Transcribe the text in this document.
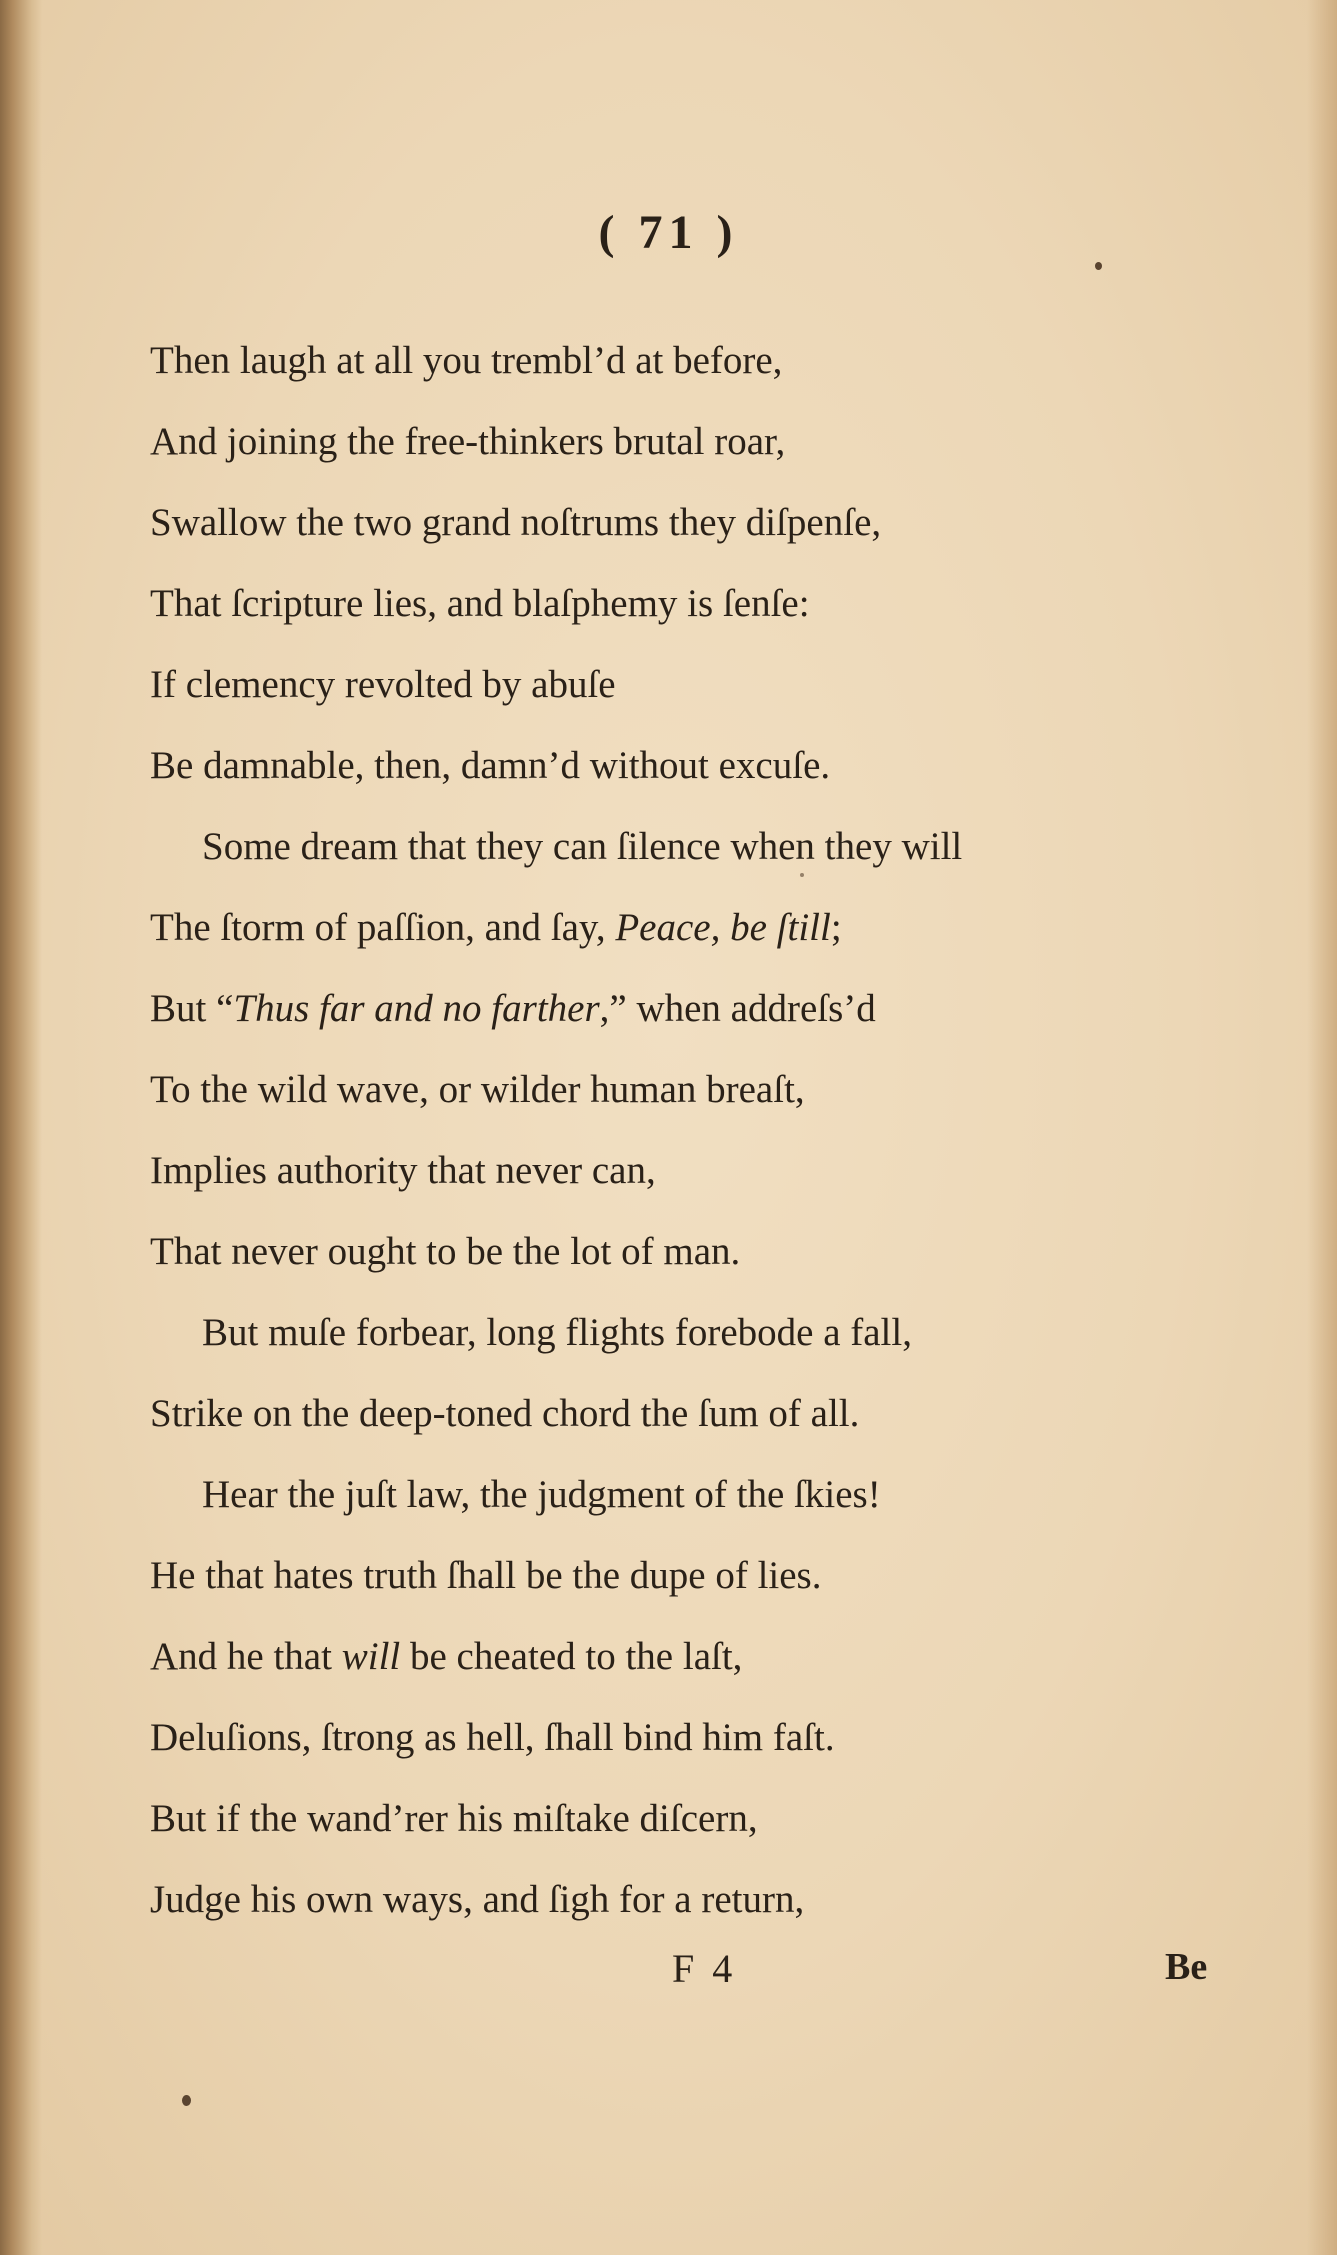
( 71 )
Then laugh at all you trembl’d at before,
And joining the free-thinkers brutal roar,
Swallow the two grand noſtrums they diſpenſe,
That ſcripture lies, and blaſphemy is ſenſe:
If clemency revolted by abuſe
Be damnable, then, damn’d without excuſe.
Some dream that they can ſilence when they will
The ſtorm of paſſion, and ſay, Peace, be ſtill;
But “Thus far and no farther,” when addreſs’d
To the wild wave, or wilder human breaſt,
Implies authority that never can,
That never ought to be the lot of man.
But muſe forbear, long flights forebode a fall,
Strike on the deep-toned chord the ſum of all.
Hear the juſt law, the judgment of the ſkies!
He that hates truth ſhall be the dupe of lies.
And he that will be cheated to the laſt,
Deluſions, ſtrong as hell, ſhall bind him faſt.
But if the wand’rer his miſtake diſcern,
Judge his own ways, and ſigh for a return,
F 4	Be
